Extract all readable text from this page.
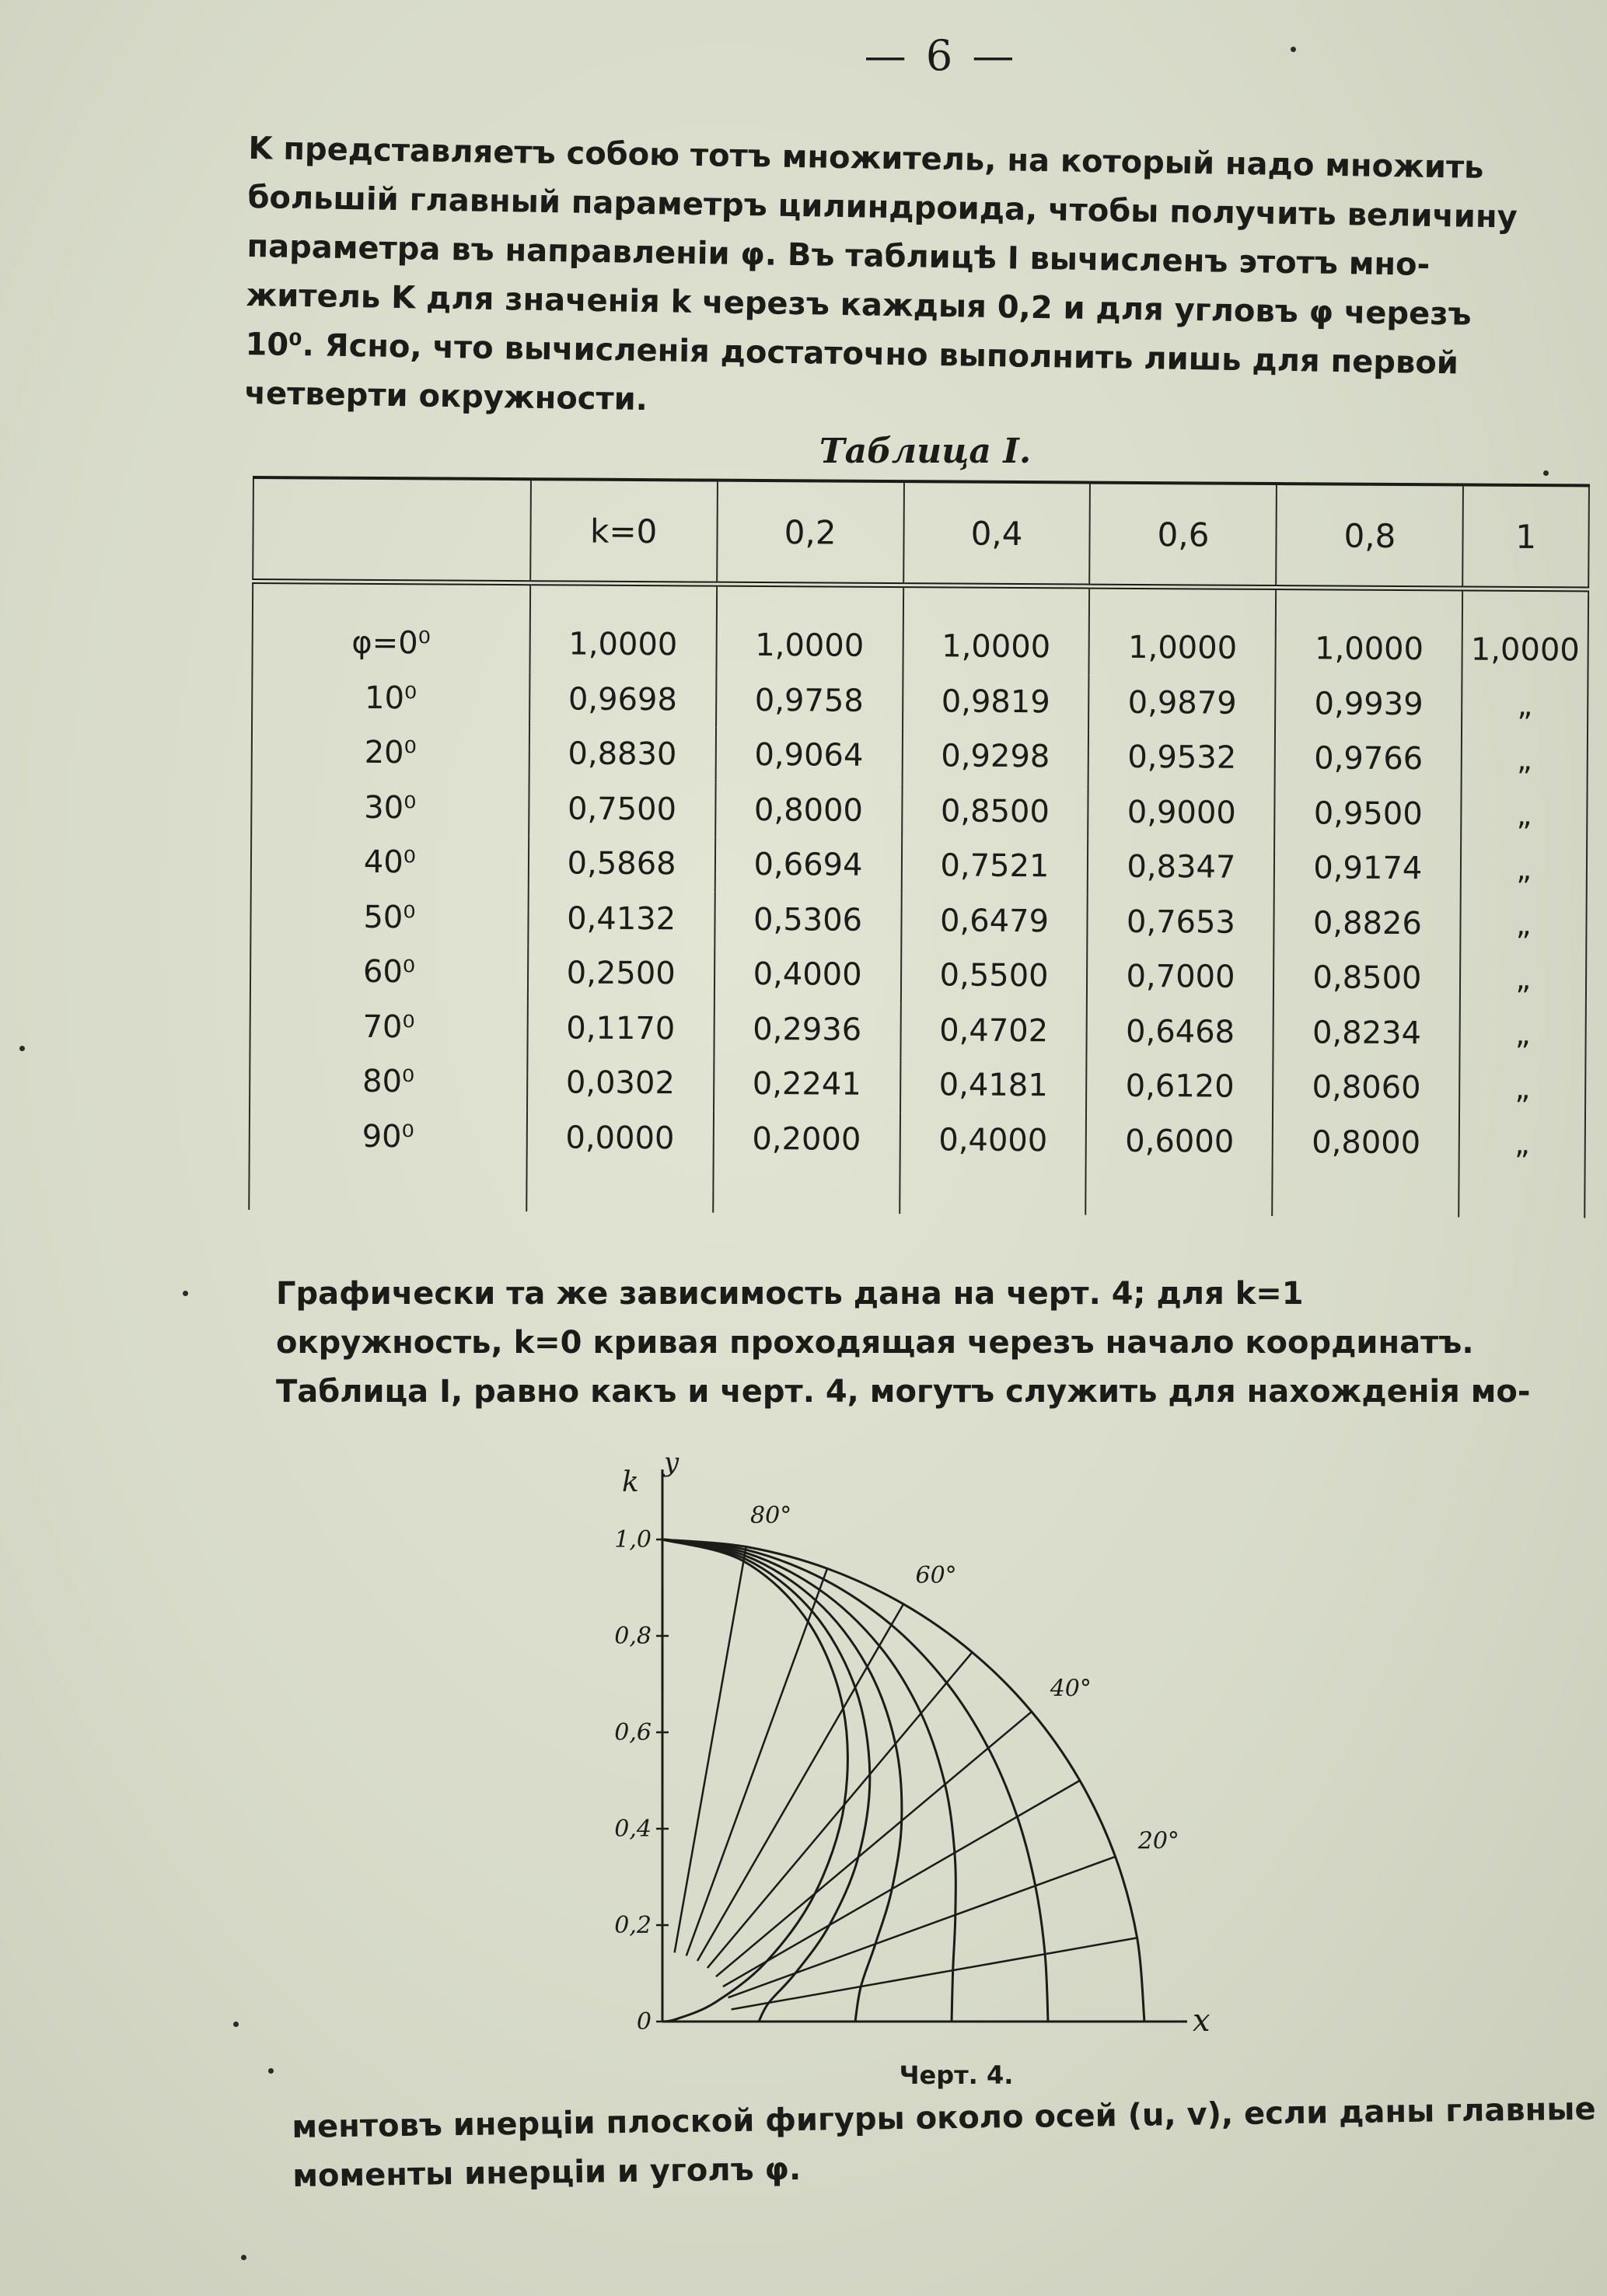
— 6 —

K представляетъ собою тотъ множитель, на который надо множить
большій главный параметръ цилиндроида, чтобы получить величину
параметра въ направленіи φ. Въ таблицѣ I вычисленъ этотъ мно-
житель K для значенія k черезъ каждыя 0,2 и для угловъ φ черезъ
10⁰. Ясно, что вычисленія достаточно выполнить лишь для первой
четверти окружности.

Таблица I.
	k=0	0,2	0,4	0,6	0,8	1
φ=0⁰	1,0000	1,0000	1,0000	1,0000	1,0000	1,0000
10⁰	0,9698	0,9758	0,9819	0,9879	0,9939	„
20⁰	0,8830	0,9064	0,9298	0,9532	0,9766	„
30⁰	0,7500	0,8000	0,8500	0,9000	0,9500	„
40⁰	0,5868	0,6694	0,7521	0,8347	0,9174	„
50⁰	0,4132	0,5306	0,6479	0,7653	0,8826	„
60⁰	0,2500	0,4000	0,5500	0,7000	0,8500	„
70⁰	0,1170	0,2936	0,4702	0,6468	0,8234	„
80⁰	0,0302	0,2241	0,4181	0,6120	0,8060	„
90⁰	0,0000	0,2000	0,4000	0,6000	0,8000	„

Графически та же зависимость дана на черт. 4; для k=1
окружность, k=0 кривая проходящая черезъ начало координатъ.
Таблица I, равно какъ и черт. 4, могутъ служить для нахожденія мо-

0
0,2
0,4
0,6
0,8
1,0
y
k
x
80°
60°
40°
20°
Черт. 4.

ментовъ инерціи плоской фигуры около осей (u, v), если даны главные
моменты инерціи и уголъ φ.
